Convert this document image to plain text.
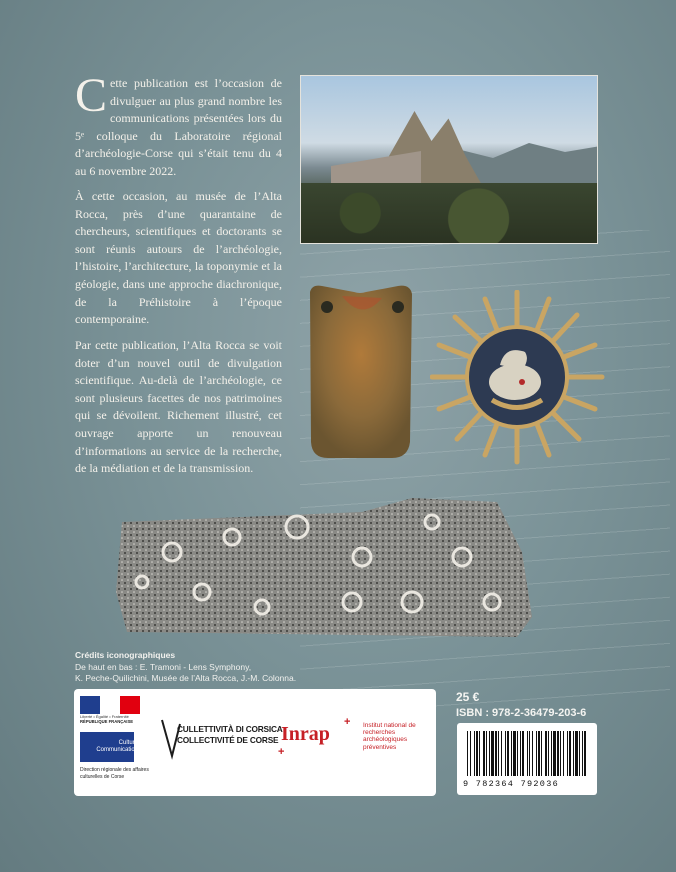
Cette publication est l’occasion de divulguer au plus grand nombre les communications présentées lors du 5ᵉ colloque du Laboratoire régional d’archéologie-Corse qui s’était tenu du 4 au 6 novembre 2022.
À cette occasion, au musée de l’Alta Rocca, près d’une quarantaine de chercheurs, scientifiques et doctorants se sont réunis autours de l’archéologie, l’histoire, l’architecture, la toponymie et la géologie, dans une approche diachronique, de la Préhistoire à l’époque contemporaine.
Par cette publication, l’Alta Rocca se voit doter d’un nouvel outil de divulgation scientifique. Au-delà de l’archéologie, ce sont plusieurs facettes de nos patrimoines qui se dévoilent. Richement illustré, cet ouvrage apporte un renouveau d’informations au service de la recherche, de la médiation et de la transmission.
Crédits iconographiques
De haut en bas : E. Tramoni - Lens Symphony,
K. Peche-Quilichini, Musée de l’Alta Rocca, J.-M. Colonna.
Liberté • Égalité • Fraternité
RÉPUBLIQUE FRANÇAISE
Ministère
Culture
Communication
Direction régionale des affaires culturelles de Corse
CULLETTIVITÀ DI CORSICA
COLLECTIVITÉ DE CORSE Inrap
+
+
Institut national de recherches archéologiques préventives
25 €
ISBN : 978-2-36479-203-6
9 782364 792036
